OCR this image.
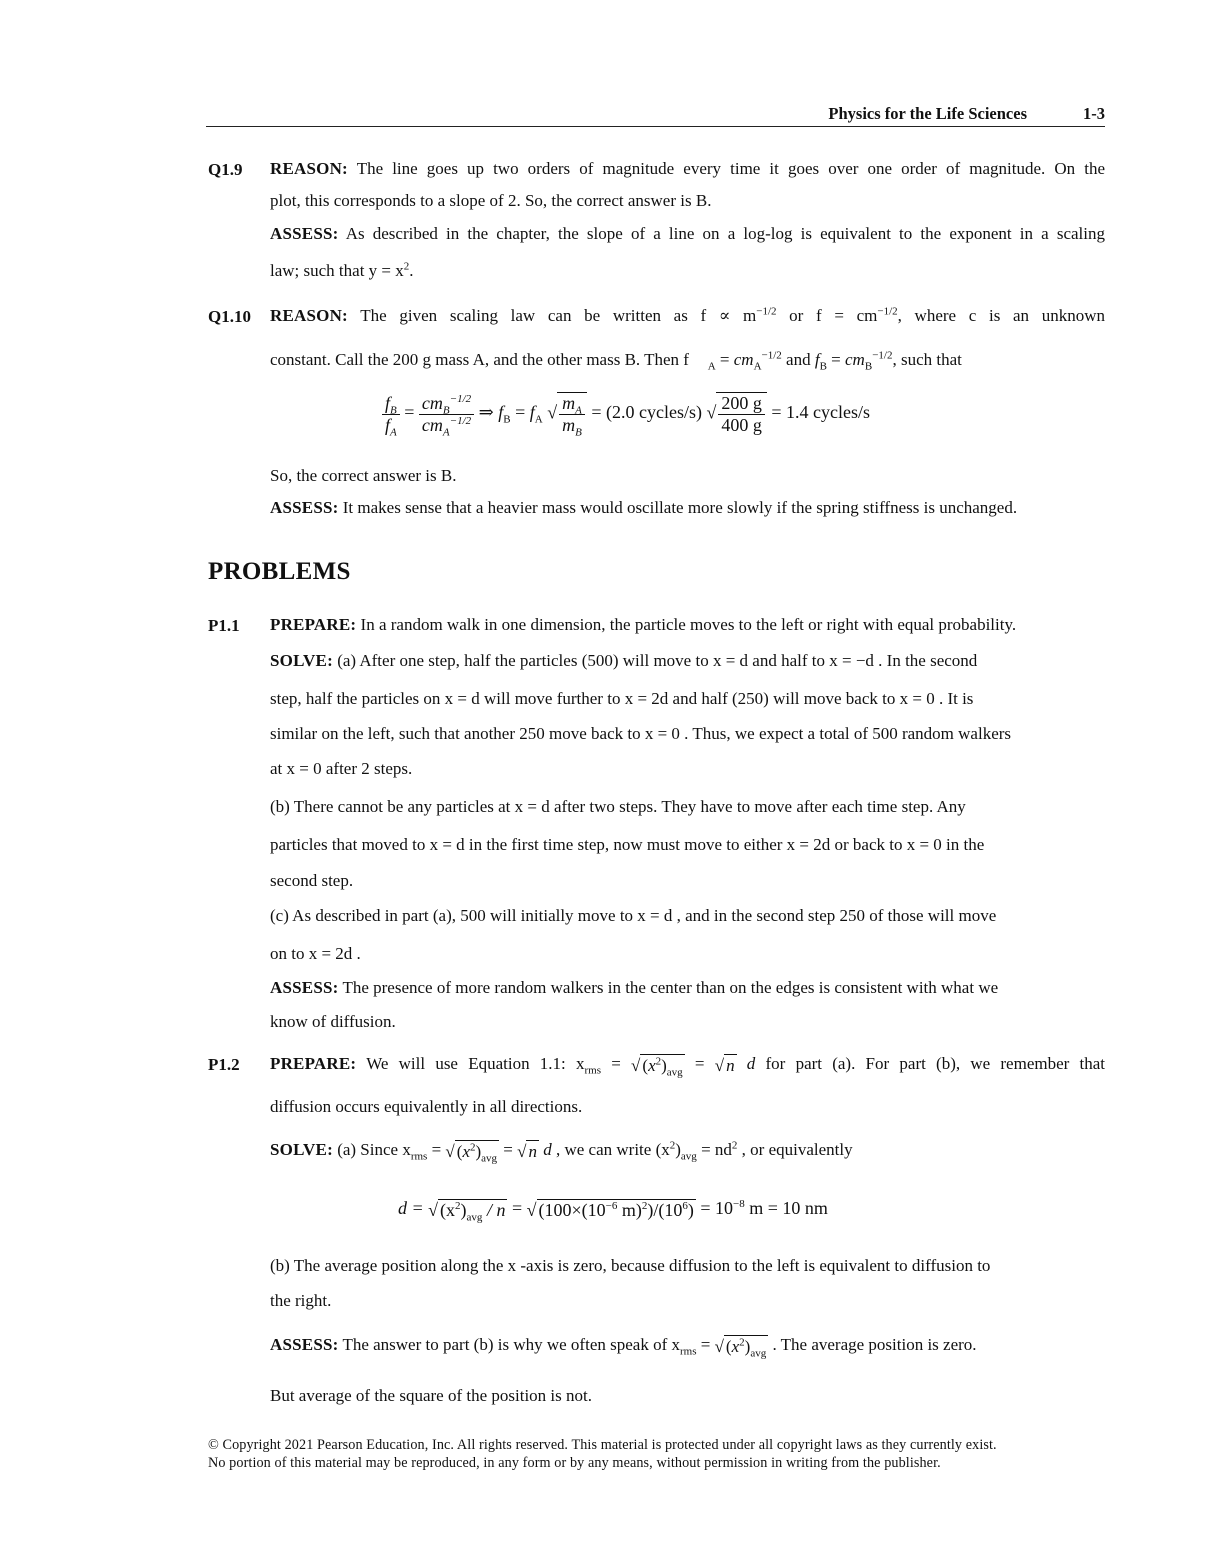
Physics for the Life Sciences	1-3
Q1.9 REASON: The line goes up two orders of magnitude every time it goes over one order of magnitude. On the
plot, this corresponds to a slope of 2. So, the correct answer is B.
ASSESS: As described in the chapter, the slope of a line on a log-log is equivalent to the exponent in a scaling
law; such that $y = x^2$.
Q1.10 REASON: The given scaling law can be written as $f \propto m^{-1/2}$ or $f = cm^{-1/2}$, where c is an unknown
constant. Call the 200 g mass A, and the other mass B. Then f $_A = cm_A^{-1/2}$ and $f_B = cm_B^{-1/2}$, such that
$\frac{f_B}{f_A} = \frac{cm_B^{-1/2}}{cm_A^{-1/2}}$ ⇒ $f_B = f_A$ √ $\frac{m_A}{m_B} = (2.0$ cycles/s) √ $\frac{200 g}{400 g} = 1.4$ cycles/s
So, the correct answer is B.
ASSESS: It makes sense that a heavier mass would oscillate more slowly if the spring stiffness is unchanged.
PROBLEMS
P1.1 PREPARE: In a random walk in one dimension, the particle moves to the left or right with equal probability.
SOLVE: (a) After one step, half the particles (500) will move to x = d and half to x = −d . In the second
step, half the particles on x = d will move further to x = 2d and half (250) will move back to x = 0 . It is
similar on the left, such that another 250 move back to x = 0 . Thus, we expect a total of 500 random walkers
at x = 0 after 2 steps.
(b) There cannot be any particles at x = d after two steps. They have to move after each time step. Any
particles that moved to x = d in the first time step, now must move to either x = 2d or back to x = 0 in the
second step.
(c) As described in part (a), 500 will initially move to x = d , and in the second step 250 of those will move
on to x = 2d .
ASSESS: The presence of more random walkers in the center than on the edges is consistent with what we
know of diffusion.
P1.2 PREPARE: We will use Equation 1.1: $x_{rms}$ = √ $(x^2)_{avg}$ = √ n d for part (a). For part (b), we remember that
diffusion occurs equivalently in all directions.
SOLVE: (a) Since $x_{rms}$ = √ $(x^2)_{avg}$ = √ n d , we can write $(x^2)_{avg} = nd^2$ , or equivalently
d = √ $(x^2)_{avg}$ / n = √ ($100\times(10^{-6}$ $m)^2)/(10^6) = 10^{-8}$ m = 10 nm
(b) The average position along the x -axis is zero, because diffusion to the left is equivalent to diffusion to
the right.
ASSESS: The answer to part (b) is why we often speak of $x_{rms}$ = √ $(x^2)_{avg}$ . The average position is zero.
But average of the square of the position is not.
© Copyright 2021 Pearson Education, Inc. All rights reserved. This material is protected under all copyright laws as they currently exist.
No portion of this material may be reproduced, in any form or by any means, without permission in writing from the publisher.
